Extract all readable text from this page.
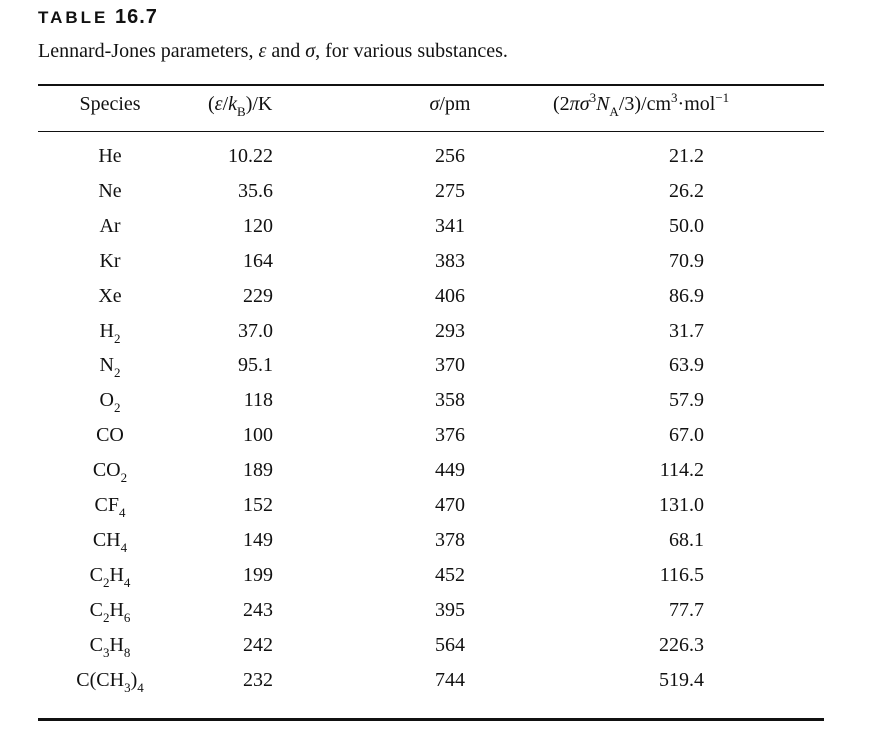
TABLE 16.7
Lennard-Jones parameters, ε and σ, for various substances.
Species	$(\varepsilon/k_B)/K$	σ/pm	$(2\pi\sigma^3N_A/3)/cm^3\cdot mol^{-1}$
He	10.22	256	21.2
Ne	35.6	275	26.2
Ar	120	341	50.0
Kr	164	383	70.9
Xe	229	406	86.9
$H_2$	37.0	293	31.7
$N_2$	95.1	370	63.9
$O_2$	118	358	57.9
CO	100	376	67.0
$CO_2$	189	449	114.2
$CF_4$	152	470	131.0
$CH_4$	149	378	68.1
$C_2H_4$	199	452	116.5
$C_2H_6$	243	395	77.7
$C_3H_8$	242	564	226.3
$C(CH_3)_4$	232	744	519.4
